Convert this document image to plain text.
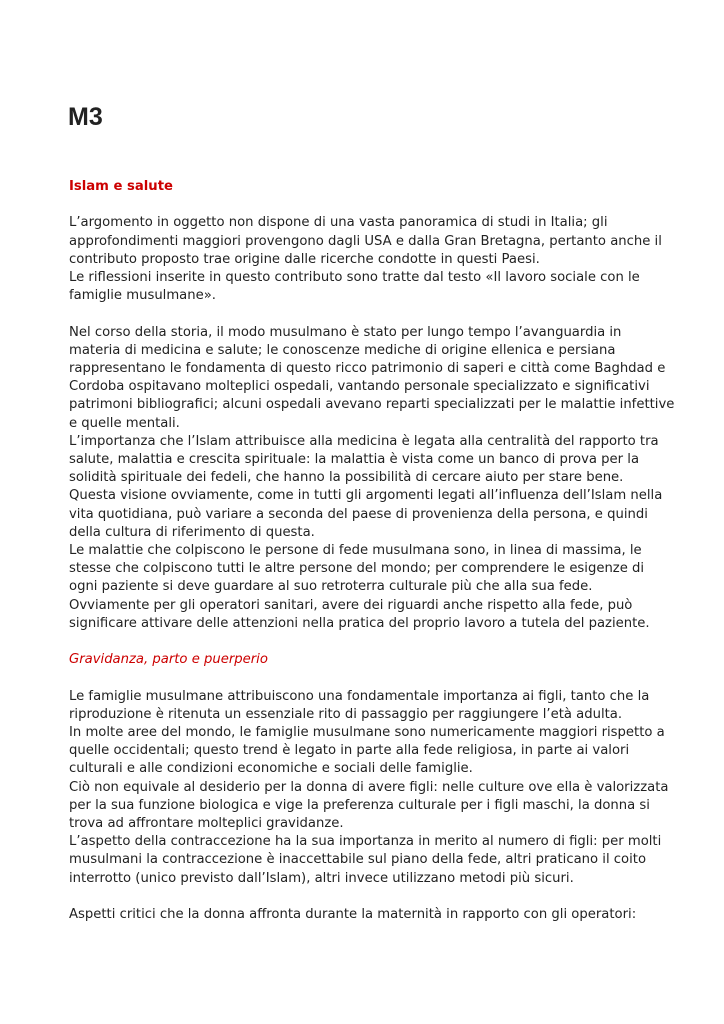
M3
Islam e salute

L’argomento in oggetto non dispone di una vasta panoramica di studi in Italia; gli
approfondimenti maggiori provengono dagli USA e dalla Gran Bretagna, pertanto anche il
contributo proposto trae origine dalle ricerche condotte in questi Paesi.
Le riflessioni inserite in questo contributo sono tratte dal testo «Il lavoro sociale con le
famiglie musulmane».

Nel corso della storia, il modo musulmano è stato per lungo tempo l’avanguardia in
materia di medicina e salute; le conoscenze mediche di origine ellenica e persiana
rappresentano le fondamenta di questo ricco patrimonio di saperi e città come Baghdad e
Cordoba ospitavano molteplici ospedali, vantando personale specializzato e significativi
patrimoni bibliografici; alcuni ospedali avevano reparti specializzati per le malattie infettive
e quelle mentali.
L’importanza che l’Islam attribuisce alla medicina è legata alla centralità del rapporto tra
salute, malattia e crescita spirituale: la malattia è vista come un banco di prova per la
solidità spirituale dei fedeli, che hanno la possibilità di cercare aiuto per stare bene.
Questa visione ovviamente, come in tutti gli argomenti legati all’influenza dell’Islam nella
vita quotidiana, può variare a seconda del paese di provenienza della persona, e quindi
della cultura di riferimento di questa.
Le malattie che colpiscono le persone di fede musulmana sono, in linea di massima, le
stesse che colpiscono tutti le altre persone del mondo; per comprendere le esigenze di
ogni paziente si deve guardare al suo retroterra culturale più che alla sua fede.
Ovviamente per gli operatori sanitari, avere dei riguardi anche rispetto alla fede, può
significare attivare delle attenzioni nella pratica del proprio lavoro a tutela del paziente.

Gravidanza, parto e puerperio

Le famiglie musulmane attribuiscono una fondamentale importanza ai figli, tanto che la
riproduzione è ritenuta un essenziale rito di passaggio per raggiungere l’età adulta.
In molte aree del mondo, le famiglie musulmane sono numericamente maggiori rispetto a
quelle occidentali; questo trend è legato in parte alla fede religiosa, in parte ai valori
culturali e alle condizioni economiche e sociali delle famiglie.
Ciò non equivale al desiderio per la donna di avere figli: nelle culture ove ella è valorizzata
per la sua funzione biologica e vige la preferenza culturale per i figli maschi, la donna si
trova ad affrontare molteplici gravidanze.
L’aspetto della contraccezione ha la sua importanza in merito al numero di figli: per molti
musulmani la contraccezione è inaccettabile sul piano della fede, altri praticano il coito
interrotto (unico previsto dall’Islam), altri invece utilizzano metodi più sicuri.

Aspetti critici che la donna affronta durante la maternità in rapporto con gli operatori:
